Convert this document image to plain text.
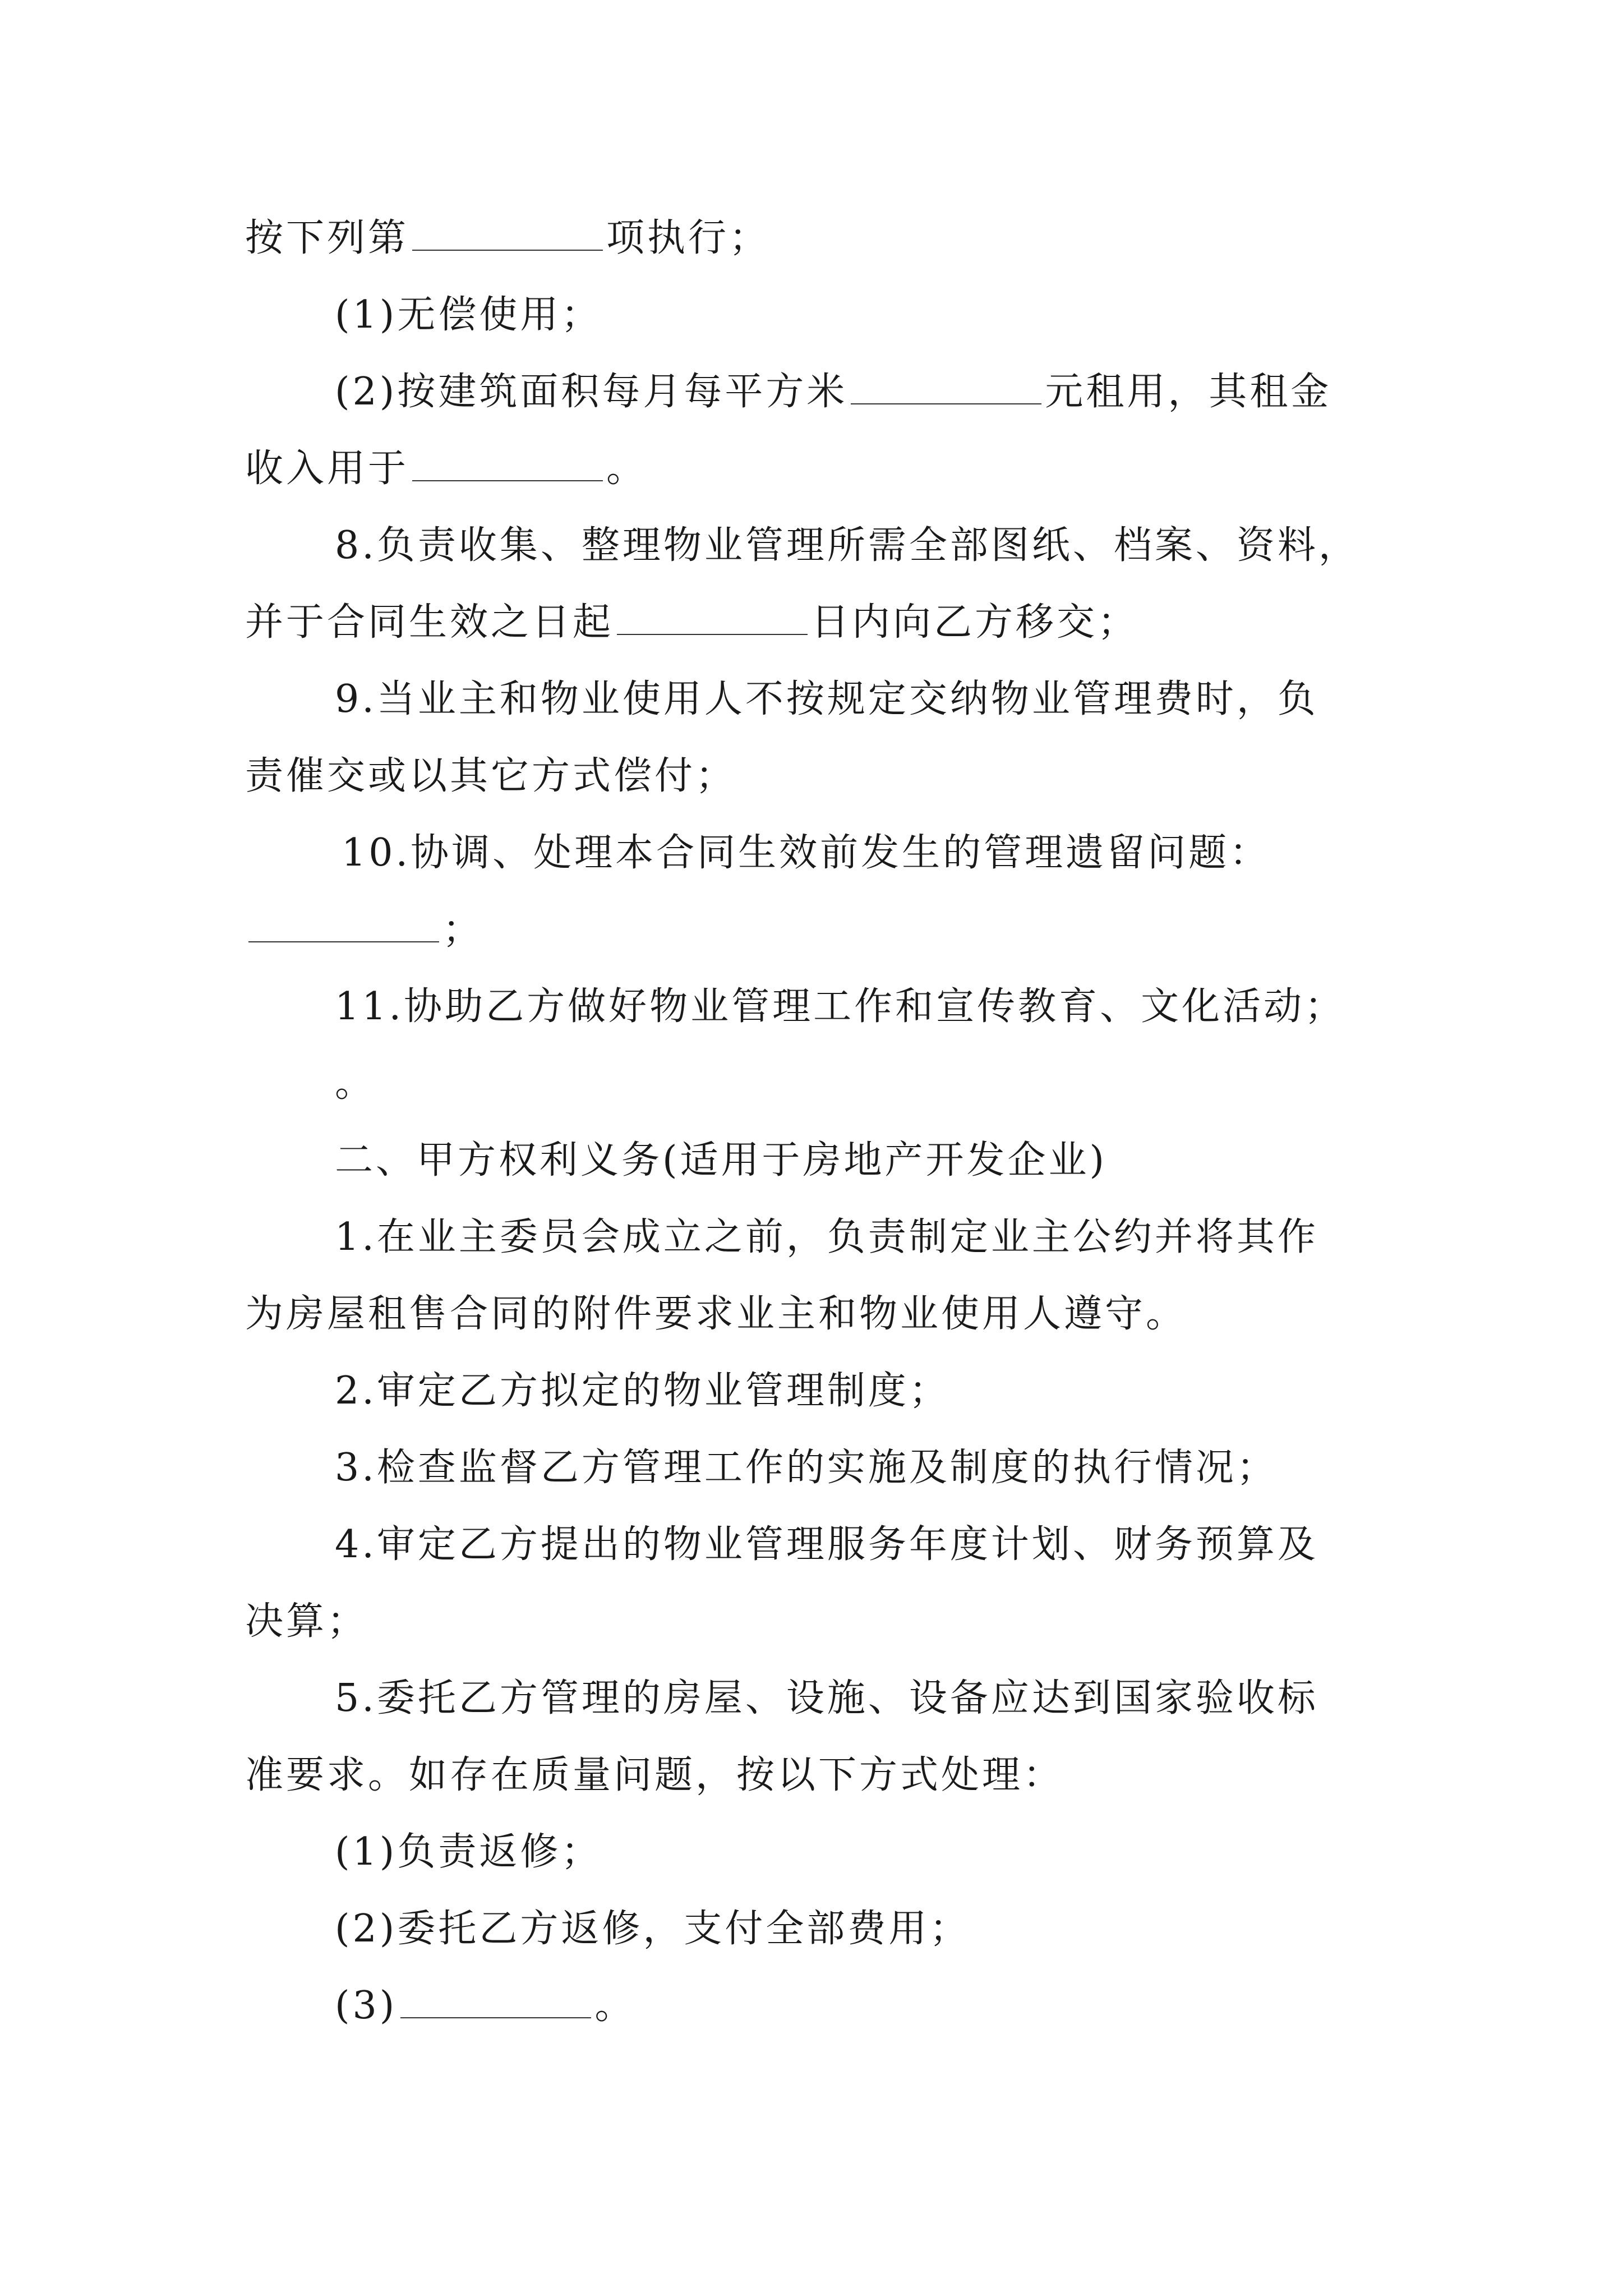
按下列第	项执行；
(1)无偿使用；
(2)按建筑面积每月每平方米	元租用，其租金
收入用于	。
8.负责收集、整理物业管理所需全部图纸、档案、资料，
并于合同生效之日起	日内向乙方移交；
9.当业主和物业使用人不按规定交纳物业管理费时，负
责催交或以其它方式偿付；
10.协调、处理本合同生效前发生的管理遗留问题：
；
11.协助乙方做好物业管理工作和宣传教育、文化活动；
。
二、甲方权利义务(适用于房地产开发企业)
1.在业主委员会成立之前，负责制定业主公约并将其作
为房屋租售合同的附件要求业主和物业使用人遵守。
2.审定乙方拟定的物业管理制度；
3.检查监督乙方管理工作的实施及制度的执行情况；
4.审定乙方提出的物业管理服务年度计划、财务预算及
决算；
5.委托乙方管理的房屋、设施、设备应达到国家验收标
准要求。如存在质量问题，按以下方式处理：
(1)负责返修；
(2)委托乙方返修，支付全部费用；
(3)	。
